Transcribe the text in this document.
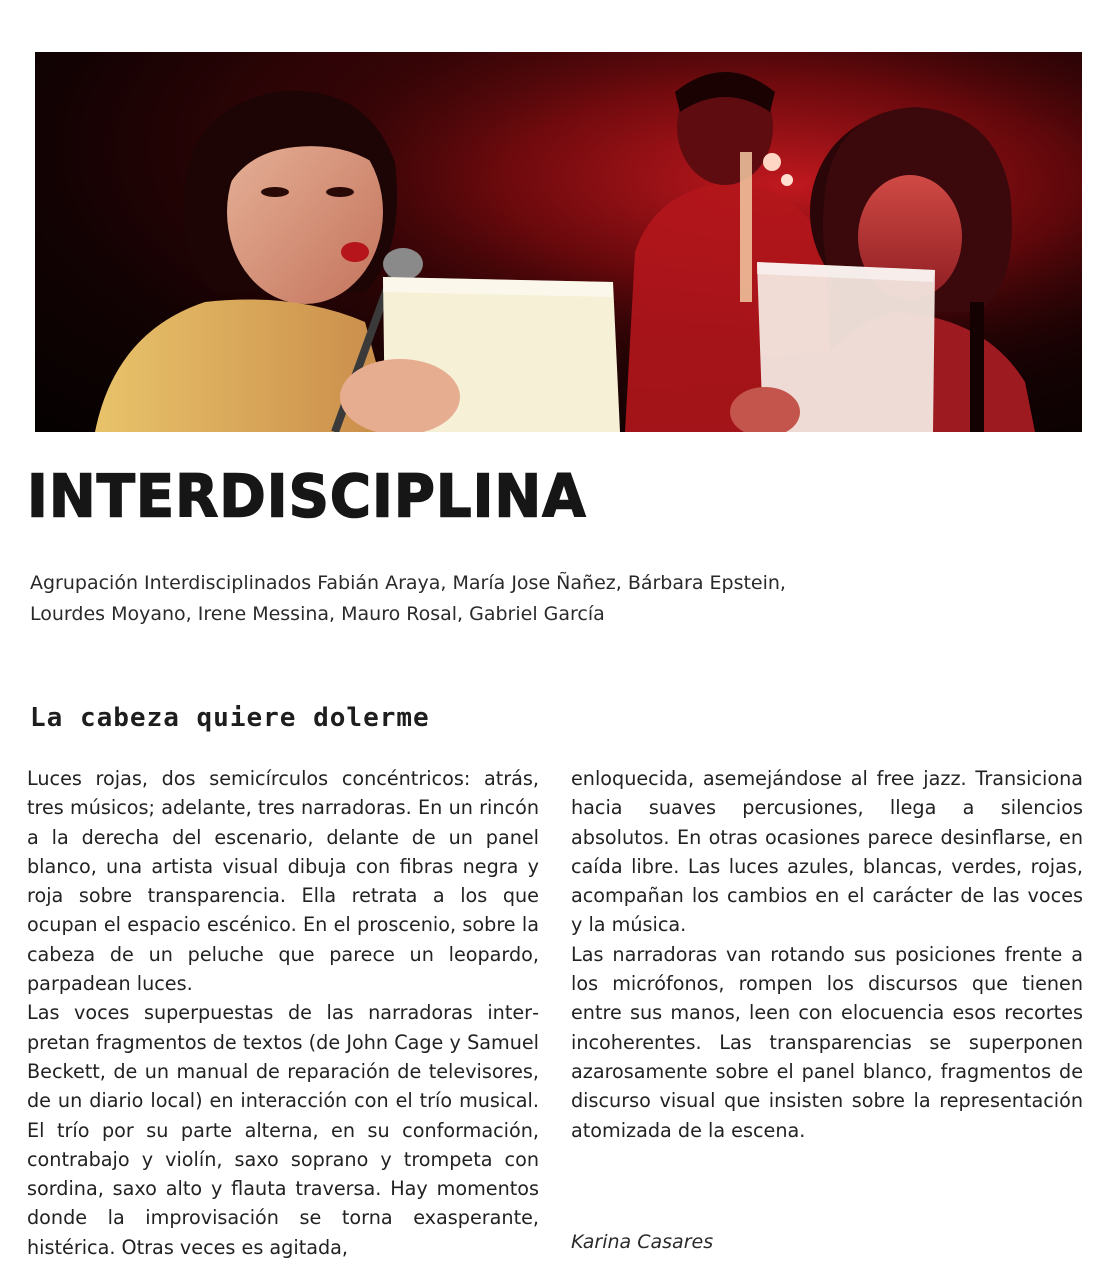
INTERDISCIPLINA
Agrupación Interdisciplinados Fabián Araya, María Jose Ñañez, Bárbara Epstein,
Lourdes Moyano, Irene Messina, Mauro Rosal, Gabriel García
La cabeza quiere dolerme

Luces rojas, dos semicírculos concéntricos: atrás, tres músicos; adelante, tres narradoras. En un rincón a la derecha del escenario, delante de un panel blanco, una artista visual dibuja con fibras negra y roja sobre transparencia. Ella retrata a los que ocupan el espacio escénico. En el proscenio, sobre la cabeza de un peluche que parece un leopardo, parpadean luces.

Las voces superpuestas de las narradoras interpretan fragmentos de textos (de John Cage y Samuel Beckett, de un manual de reparación de televisores, de un diario local) en interacción con el trío musical. El trío por su parte alterna, en su conformación, contrabajo y violín, saxo soprano y trompeta con sordina, saxo alto y flauta traversa. Hay momentos donde la improvisación se torna exasperante, histérica. Otras veces es agitada,

enloquecida, asemejándose al free jazz. Transiciona hacia suaves percusiones, llega a silencios absolutos. En otras ocasiones parece desinflarse, en caída libre. Las luces azules, blancas, verdes, rojas, acompañan los cambios en el carácter de las voces y la música.

Las narradoras van rotando sus posiciones frente a los micrófonos, rompen los discursos que tienen entre sus manos, leen con elocuencia esos recortes incoherentes. Las transparencias se superponen azarosamente sobre el panel blanco, fragmentos de discurso visual que insisten sobre la representación atomizada de la escena.

Karina Casares
